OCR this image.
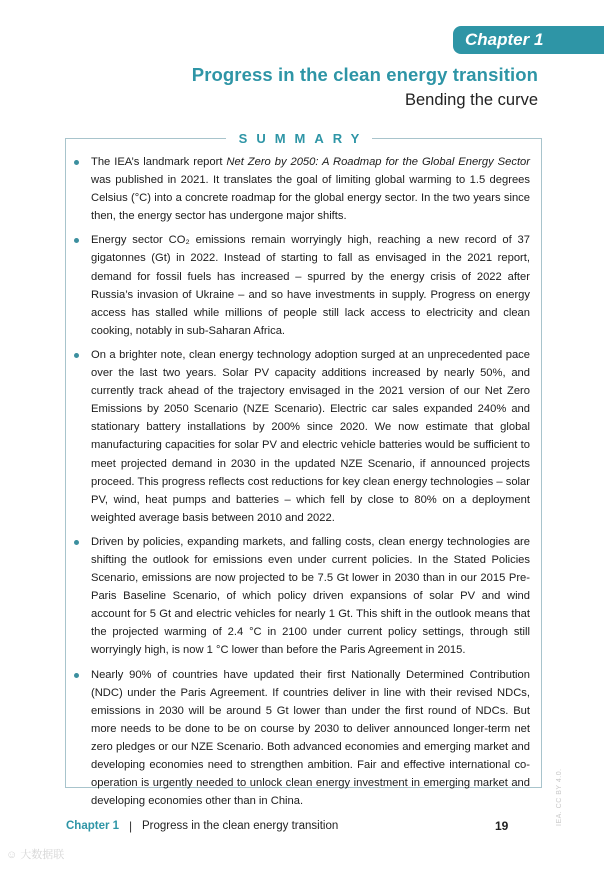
Chapter 1
Progress in the clean energy transition
Bending the curve
SUMMARY
The IEA’s landmark report Net Zero by 2050: A Roadmap for the Global Energy Sector was published in 2021. It translates the goal of limiting global warming to 1.5 degrees Celsius (°C) into a concrete roadmap for the global energy sector. In the two years since then, the energy sector has undergone major shifts.
Energy sector CO₂ emissions remain worryingly high, reaching a new record of 37 gigatonnes (Gt) in 2022. Instead of starting to fall as envisaged in the 2021 report, demand for fossil fuels has increased – spurred by the energy crisis of 2022 after Russia’s invasion of Ukraine – and so have investments in supply. Progress on energy access has stalled while millions of people still lack access to electricity and clean cooking, notably in sub-Saharan Africa.
On a brighter note, clean energy technology adoption surged at an unprecedented pace over the last two years. Solar PV capacity additions increased by nearly 50%, and currently track ahead of the trajectory envisaged in the 2021 version of our Net Zero Emissions by 2050 Scenario (NZE Scenario). Electric car sales expanded 240% and stationary battery installations by 200% since 2020. We now estimate that global manufacturing capacities for solar PV and electric vehicle batteries would be sufficient to meet projected demand in 2030 in the updated NZE Scenario, if announced projects proceed. This progress reflects cost reductions for key clean energy technologies – solar PV, wind, heat pumps and batteries – which fell by close to 80% on a deployment weighted average basis between 2010 and 2022.
Driven by policies, expanding markets, and falling costs, clean energy technologies are shifting the outlook for emissions even under current policies. In the Stated Policies Scenario, emissions are now projected to be 7.5 Gt lower in 2030 than in our 2015 Pre-Paris Baseline Scenario, of which policy driven expansions of solar PV and wind account for 5 Gt and electric vehicles for nearly 1 Gt. This shift in the outlook means that the projected warming of 2.4 °C in 2100 under current policy settings, through still worryingly high, is now 1 °C lower than before the Paris Agreement in 2015.
Nearly 90% of countries have updated their first Nationally Determined Contribution (NDC) under the Paris Agreement. If countries deliver in line with their revised NDCs, emissions in 2030 will be around 5 Gt lower than under the first round of NDCs. But more needs to be done to be on course by 2030 to deliver announced longer-term net zero pledges or our NZE Scenario. Both advanced economies and emerging market and developing economies need to strengthen ambition. Fair and effective international co-operation is urgently needed to unlock clean energy investment in emerging market and developing economies other than in China.
Chapter 1 | Progress in the clean energy transition	19	IEA. CC BY 4.0.
☺ 大数据联
